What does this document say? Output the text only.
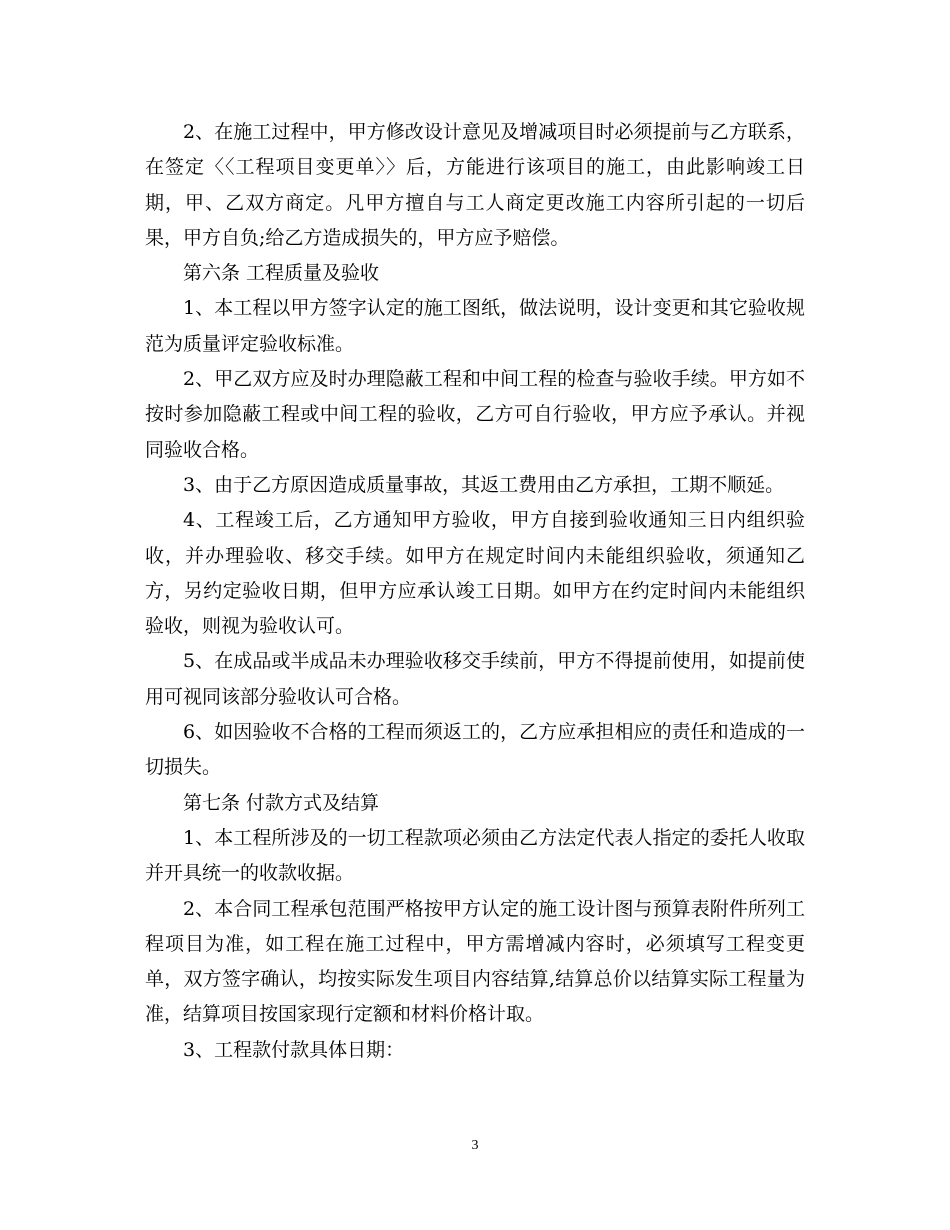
2、在施工过程中，甲方修改设计意见及增减项目时必须提前与乙方联系，在签定〈〈工程项目变更单〉〉后，方能进行该项目的施工，由此影响竣工日期，甲、乙双方商定。凡甲方擅自与工人商定更改施工内容所引起的一切后果，甲方自负;给乙方造成损失的，甲方应予赔偿。

第六条 工程质量及验收

1、本工程以甲方签字认定的施工图纸，做法说明，设计变更和其它验收规范为质量评定验收标准。

2、甲乙双方应及时办理隐蔽工程和中间工程的检查与验收手续。甲方如不按时参加隐蔽工程或中间工程的验收，乙方可自行验收，甲方应予承认。并视同验收合格。

3、由于乙方原因造成质量事故，其返工费用由乙方承担，工期不顺延。

4、工程竣工后，乙方通知甲方验收，甲方自接到验收通知三日内组织验收，并办理验收、移交手续。如甲方在规定时间内未能组织验收，须通知乙方，另约定验收日期，但甲方应承认竣工日期。如甲方在约定时间内未能组织验收，则视为验收认可。

5、在成品或半成品未办理验收移交手续前，甲方不得提前使用，如提前使用可视同该部分验收认可合格。

6、如因验收不合格的工程而须返工的，乙方应承担相应的责任和造成的一切损失。

第七条 付款方式及结算

1、本工程所涉及的一切工程款项必须由乙方法定代表人指定的委托人收取并开具统一的收款收据。

2、本合同工程承包范围严格按甲方认定的施工设计图与预算表附件所列工程项目为准，如工程在施工过程中，甲方需增减内容时，必须填写工程变更单，双方签字确认，均按实际发生项目内容结算,结算总价以结算实际工程量为准，结算项目按国家现行定额和材料价格计取。

3、工程款付款具体日期：

3
